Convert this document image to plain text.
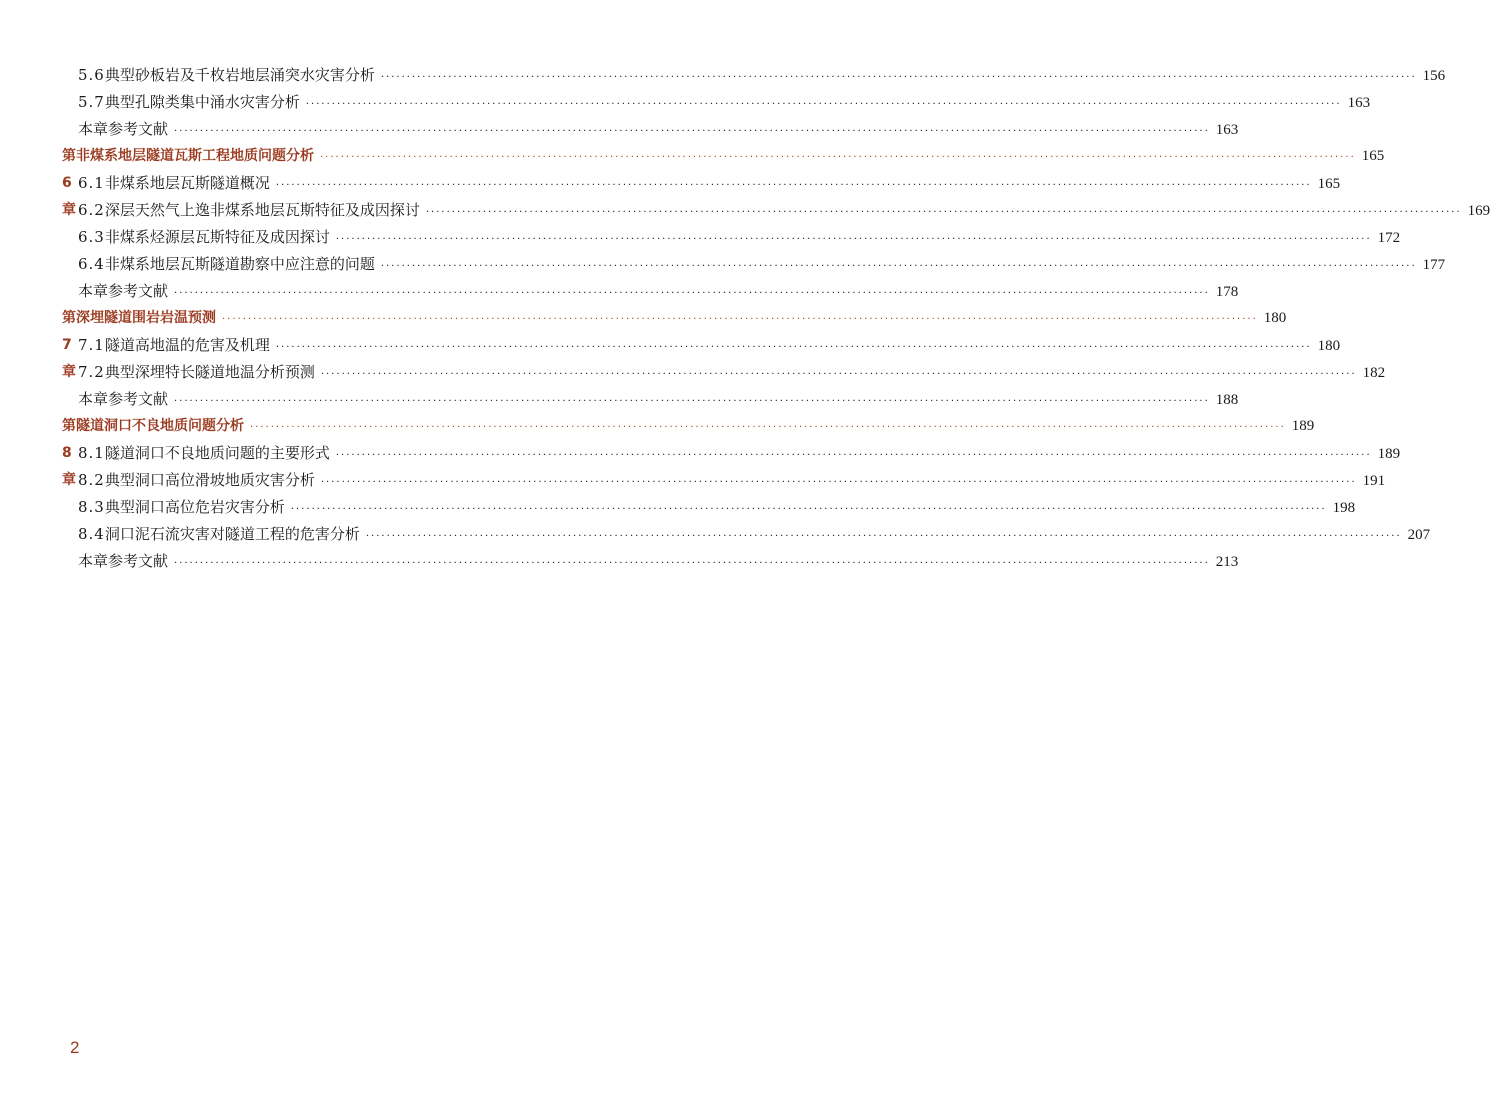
5.6 典型砂板岩及千枚岩地层涌突水灾害分析 ········································································································································································································ 156
5.7 典型孔隙类集中涌水灾害分析 ········································································································································································································ 163
本章参考文献 ········································································································································································································ 163
第 6 章
非煤系地层隧道瓦斯工程地质问题分析 ········································································································································································································ 165
6.1 非煤系地层瓦斯隧道概况 ········································································································································································································ 165
6.2 深层天然气上逸非煤系地层瓦斯特征及成因探讨 ········································································································································································································ 169
6.3 非煤系烃源层瓦斯特征及成因探讨 ········································································································································································································ 172
6.4 非煤系地层瓦斯隧道勘察中应注意的问题 ········································································································································································································ 177
本章参考文献 ········································································································································································································ 178
第 7 章
深埋隧道围岩岩温预测 ········································································································································································································ 180
7.1 隧道高地温的危害及机理 ········································································································································································································ 180
7.2 典型深埋特长隧道地温分析预测 ········································································································································································································ 182
本章参考文献 ········································································································································································································ 188
第 8 章
隧道洞口不良地质问题分析 ········································································································································································································ 189
8.1 隧道洞口不良地质问题的主要形式 ········································································································································································································ 189
8.2 典型洞口高位滑坡地质灾害分析 ········································································································································································································ 191
8.3 典型洞口高位危岩灾害分析 ········································································································································································································ 198
8.4 洞口泥石流灾害对隧道工程的危害分析 ········································································································································································································ 207
本章参考文献 ········································································································································································································ 213
2
